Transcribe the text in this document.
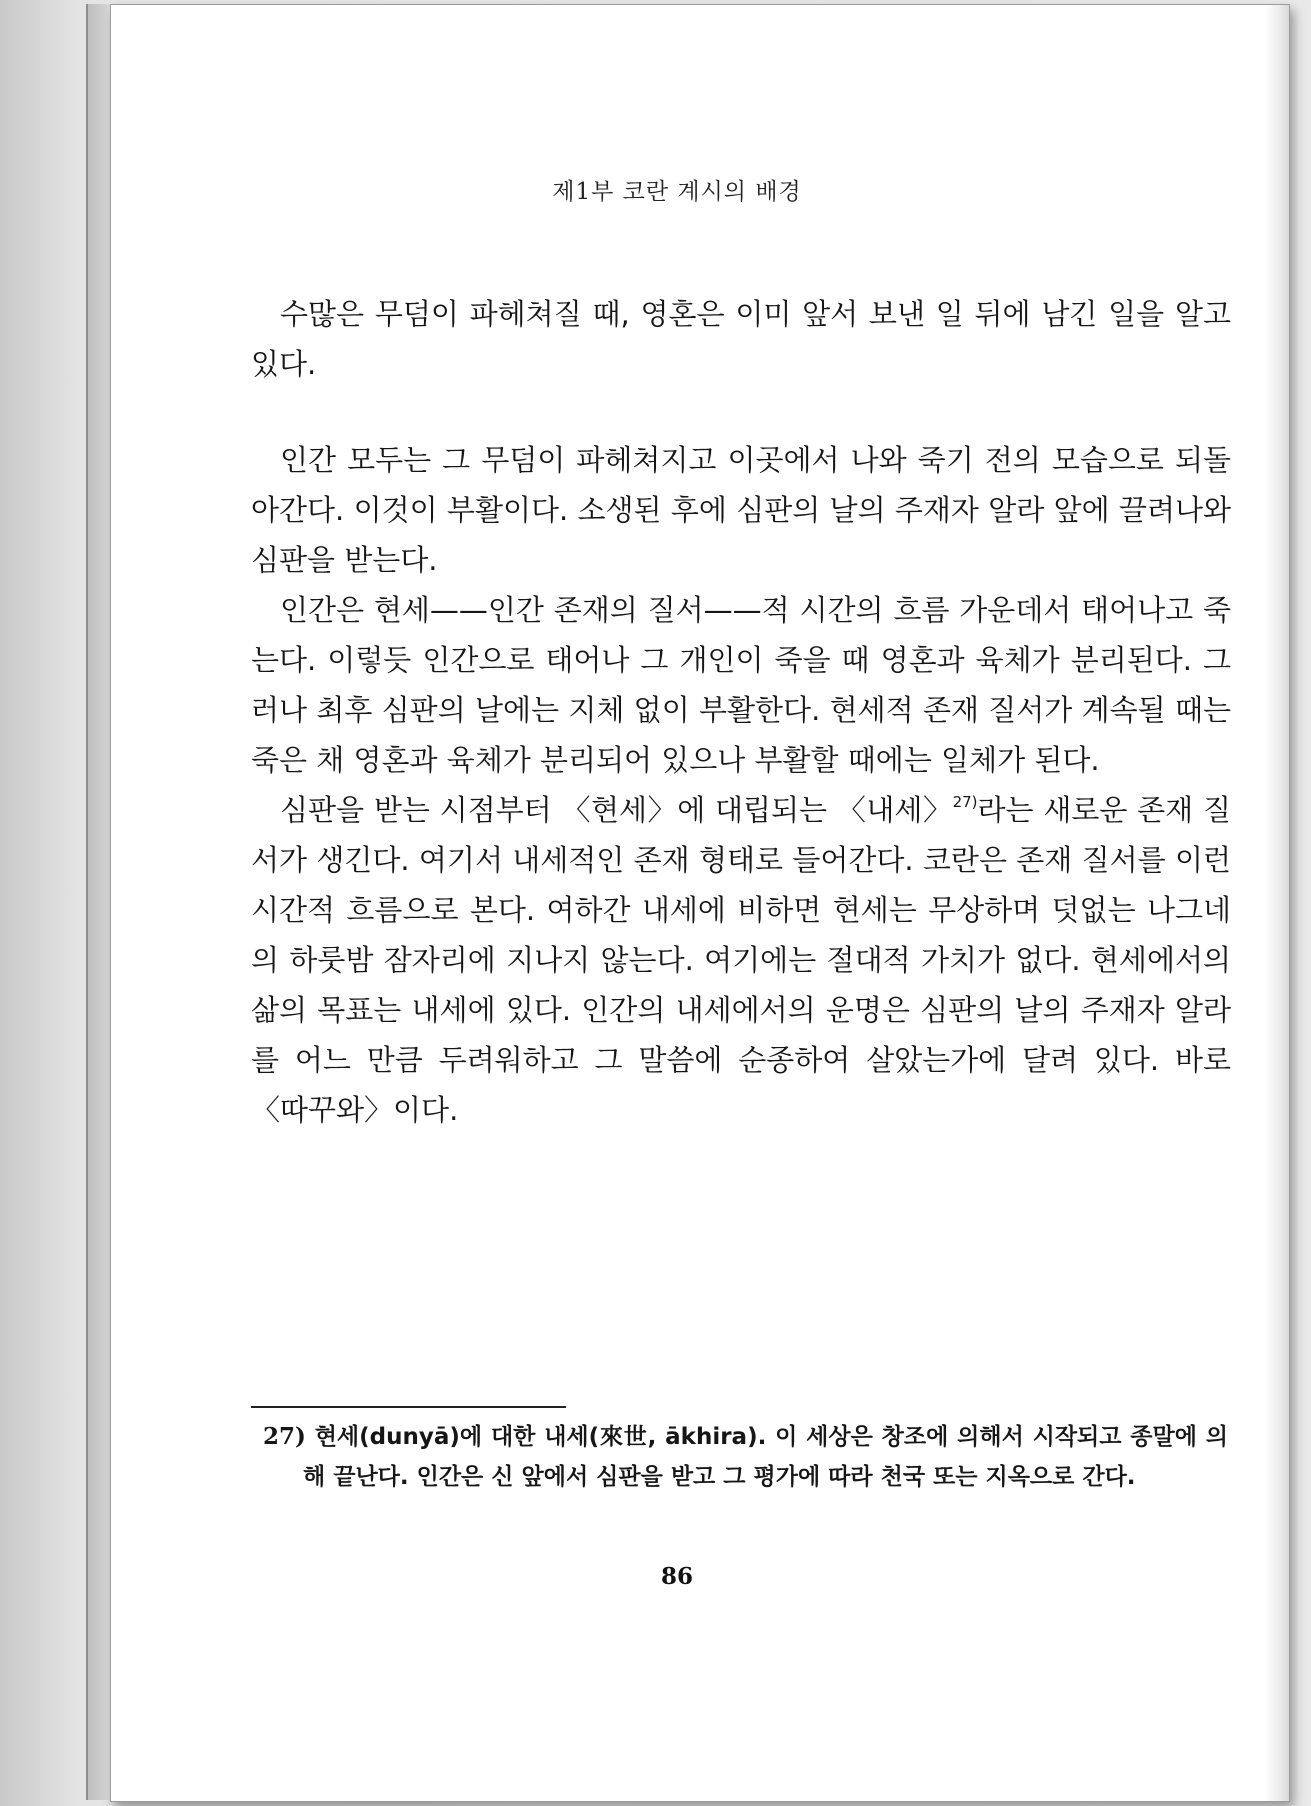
제1부 코란 계시의 배경

수많은 무덤이 파헤쳐질 때, 영혼은 이미 앞서 보낸 일 뒤에 남긴 일을 알고 있다.

인간 모두는 그 무덤이 파헤쳐지고 이곳에서 나와 죽기 전의 모습으로 되돌아간다. 이것이 부활이다. 소생된 후에 심판의 날의 주재자 알라 앞에 끌려나와 심판을 받는다.

인간은 현세——인간 존재의 질서——적 시간의 흐름 가운데서 태어나고 죽는다. 이렇듯 인간으로 태어나 그 개인이 죽을 때 영혼과 육체가 분리된다. 그러나 최후 심판의 날에는 지체 없이 부활한다. 현세적 존재 질서가 계속될 때는 죽은 채 영혼과 육체가 분리되어 있으나 부활할 때에는 일체가 된다.

심판을 받는 시점부터 〈현세〉에 대립되는 〈내세〉$^{27)}$라는 새로운 존재 질서가 생긴다. 여기서 내세적인 존재 형태로 들어간다. 코란은 존재 질서를 이런 시간적 흐름으로 본다. 여하간 내세에 비하면 현세는 무상하며 덧없는 나그네의 하룻밤 잠자리에 지나지 않는다. 여기에는 절대적 가치가 없다. 현세에서의 삶의 목표는 내세에 있다. 인간의 내세에서의 운명은 심판의 날의 주재자 알라를 어느 만큼 두려워하고 그 말씀에 순종하여 살았는가에 달려 있다. 바로 〈따꾸와〉이다.

27) 현세(dunyā)에 대한 내세(來世, ākhira). 이 세상은 창조에 의해서 시작되고 종말에 의해 끝난다. 인간은 신 앞에서 심판을 받고 그 평가에 따라 천국 또는 지옥으로 간다.

86
